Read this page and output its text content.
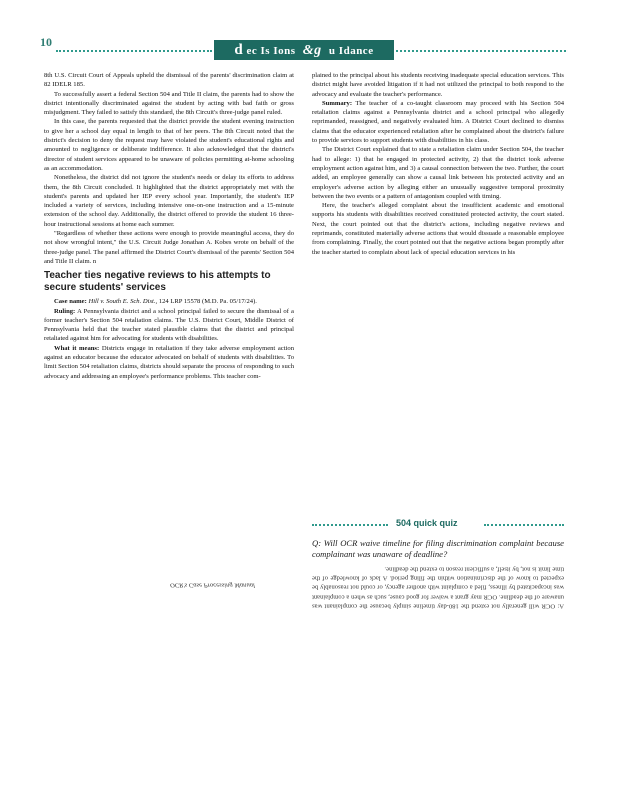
10	d ec Is Ions &g u Idance

8th U.S. Circuit Court of Appeals upheld the dismissal of the parents' discrimination claim at 82 IDELR 185.

To successfully assert a federal Section 504 and Title II claim, the parents had to show the district intentionally discriminated against the student by acting with bad faith or gross misjudgment. They failed to satisfy this standard, the 8th Circuit's three-judge panel ruled.

In this case, the parents requested that the district provide the student evening instruction to give her a school day equal in length to that of her peers. The 8th Circuit noted that the district's decision to deny the request may have violated the student's educational rights and amounted to negligence or deliberate indifference. It also acknowledged that the district's director of student services appeared to be unaware of policies permitting at-home schooling as an accommodation.

Nonetheless, the district did not ignore the student's needs or delay its efforts to address them, the 8th Circuit concluded. It highlighted that the district appropriately met with the student's parents and updated her IEP every school year. Importantly, the student's IEP included a variety of services, including intensive one-on-one instruction and a 15-minute extension of the school day. Additionally, the district offered to provide the student 16 three-hour instructional sessions at home each summer.

"Regardless of whether these actions were enough to provide meaningful access, they do not show wrongful intent," the U.S. Circuit Judge Jonathan A. Kobes wrote on behalf of the three-judge panel. The panel affirmed the District Court's dismissal of the parents' Section 504 and Title II claim. n

Teacher ties negative reviews to his attempts to secure students' services

Case name: Hill v. South E. Sch. Dist., 124 LRP 15578 (M.D. Pa. 05/17/24).

Ruling: A Pennsylvania district and a school principal failed to secure the dismissal of a former teacher's Section 504 retaliation claims. The U.S. District Court, Middle District of Pennsylvania held that the teacher stated plausible claims that the district and principal retaliated against him for advocating for students with disabilities.

What it means: Districts engage in retaliation if they take adverse employment action against an educator because the educator advocated on behalf of students with disabilities. To limit Section 504 retaliation claims, districts should separate the process of responding to such advocacy and addressing an employee's performance problems. This teacher com-

plained to the principal about his students receiving inadequate special education services. This district might have avoided litigation if it had not utilized the principal to both respond to the advocacy and evaluate the teacher's performance.

Summary: The teacher of a co-taught classroom may proceed with his Section 504 retaliation claims against a Pennsylvania district and a school principal who allegedly reprimanded, reassigned, and negatively evaluated him. A District Court declined to dismiss claims that the educator experienced retaliation after he complained about the district's failure to provide services to support students with disabilities in his class.

The District Court explained that to state a retaliation claim under Section 504, the teacher had to allege: 1) that he engaged in protected activity, 2) that the district took adverse employment action against him, and 3) a causal connection between the two. Further, the court added, an employee generally can show a causal link between his protected activity and an employer's adverse action by alleging either an unusually suggestive temporal proximity between the two events or a pattern of antagonism coupled with timing.

Here, the teacher's alleged complaint about the insufficient academic and emotional supports his students with disabilities received constituted protected activity, the court stated. Next, the court pointed out that the district's actions, including negative reviews and reprimands, constituted materially adverse actions that would dissuade a reasonable employee from complaining. Finally, the court pointed out that the negative actions began promptly after the teacher started to complain about lack of special education services in his

504 quick quiz
Q: Will OCR waive timeline for filing discrimination complaint because complainant was unaware of deadline?
A: OCR will generally not extend the 180-day timeline simply because the complainant was unaware of the deadline. OCR may grant a waiver for good cause, such as when a complainant was incapacitated by illness, filed a complaint with another agency, or could not reasonably be expected to know of the discrimination within the filing period. A lack of knowledge of the time limit is not, by itself, a sufficient reason to extend the deadline.
OCR's Case Processing Manual
